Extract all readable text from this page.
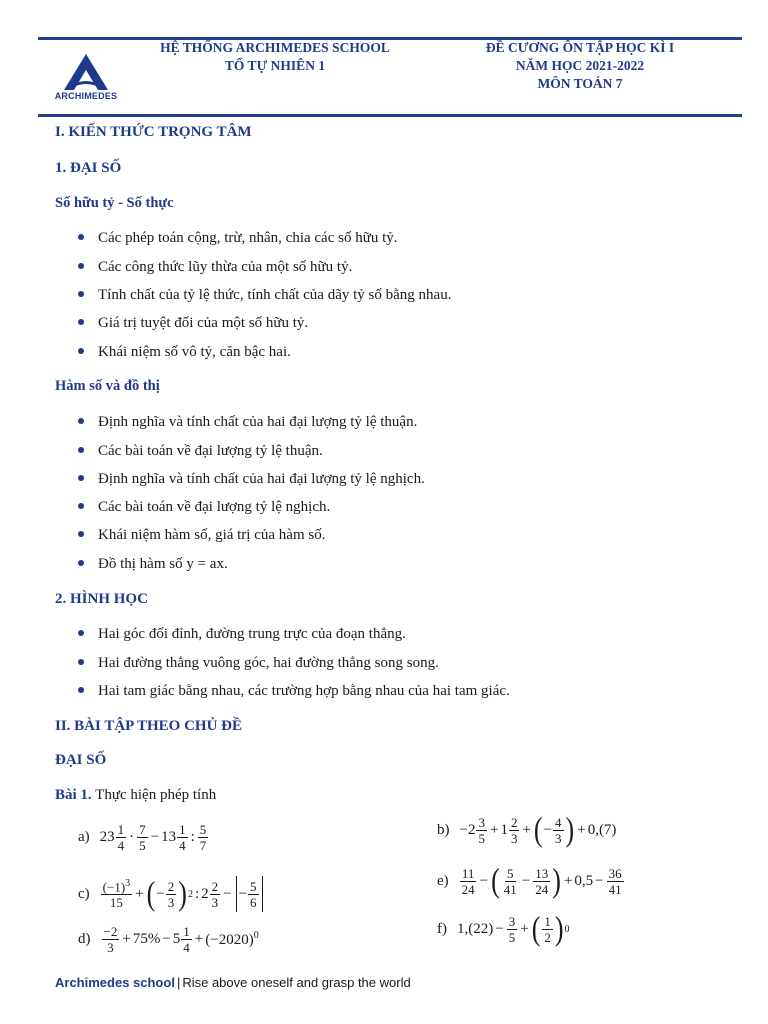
ARCHIMEDES
HỆ THỐNG ARCHIMEDES SCHOOL
TỔ TỰ NHIÊN 1
ĐỀ CƯƠNG ÔN TẬP HỌC KÌ I
NĂM HỌC 2021-2022
MÔN TOÁN 7
I. KIẾN THỨC TRỌNG TÂM
1. ĐẠI SỐ
Số hữu tỷ - Số thực
Các phép toán cộng, trừ, nhân, chia các số hữu tỷ.
Các công thức lũy thừa của một số hữu tỷ.
Tính chất của tỷ lệ thức, tính chất của dãy tỷ số bằng nhau.
Giá trị tuyệt đối của một số hữu tỷ.
Khái niệm số vô tỷ, căn bậc hai.
Hàm số và đồ thị
Định nghĩa và tính chất của hai đại lượng tỷ lệ thuận.
Các bài toán về đại lượng tỷ lệ thuận.
Định nghĩa và tính chất của hai đại lượng tỷ lệ nghịch.
Các bài toán về đại lượng tỷ lệ nghịch.
Khái niệm hàm số, giá trị của hàm số.
Đồ thị hàm số y = ax.
2. HÌNH HỌC
Hai góc đối đỉnh, đường trung trực của đoạn thẳng.
Hai đường thẳng vuông góc, hai đường thẳng song song.
Hai tam giác bằng nhau, các trường hợp bằng nhau của hai tam giác.
II. BÀI TẬP THEO CHỦ ĐỀ
ĐẠI SỐ
Bài 1. Thực hiện phép tính
a) $23 \frac{1}{4} \cdot \frac{7}{5} - 13 \frac{1}{4}$ : $\frac{5}{7}$	$b) -2 \frac{3}{5} + 1 \frac{2}{3}$ + ( − $\frac{4}{3}$ ) + 0,(7)
$c) \frac{(-1)^3}{15}$ + ( − $\frac{2}{3}$ ) 2 : $2 \frac{2}{3}$ − − $\frac{5}{6}$	$e) \frac{11}{24}$ − ( $\frac{5}{41} - \frac{13}{24}$ ) + $0,5 - \frac{36}{41}$
$d) \frac{-2}{3} + 75\% - 5 \frac{1}{4} + (-2020)^0$	f) $1,(22) - \frac{3}{5}$ + ( $\frac{1}{2}$ ) 0
Archimedes school | Rise above oneself and grasp the world
